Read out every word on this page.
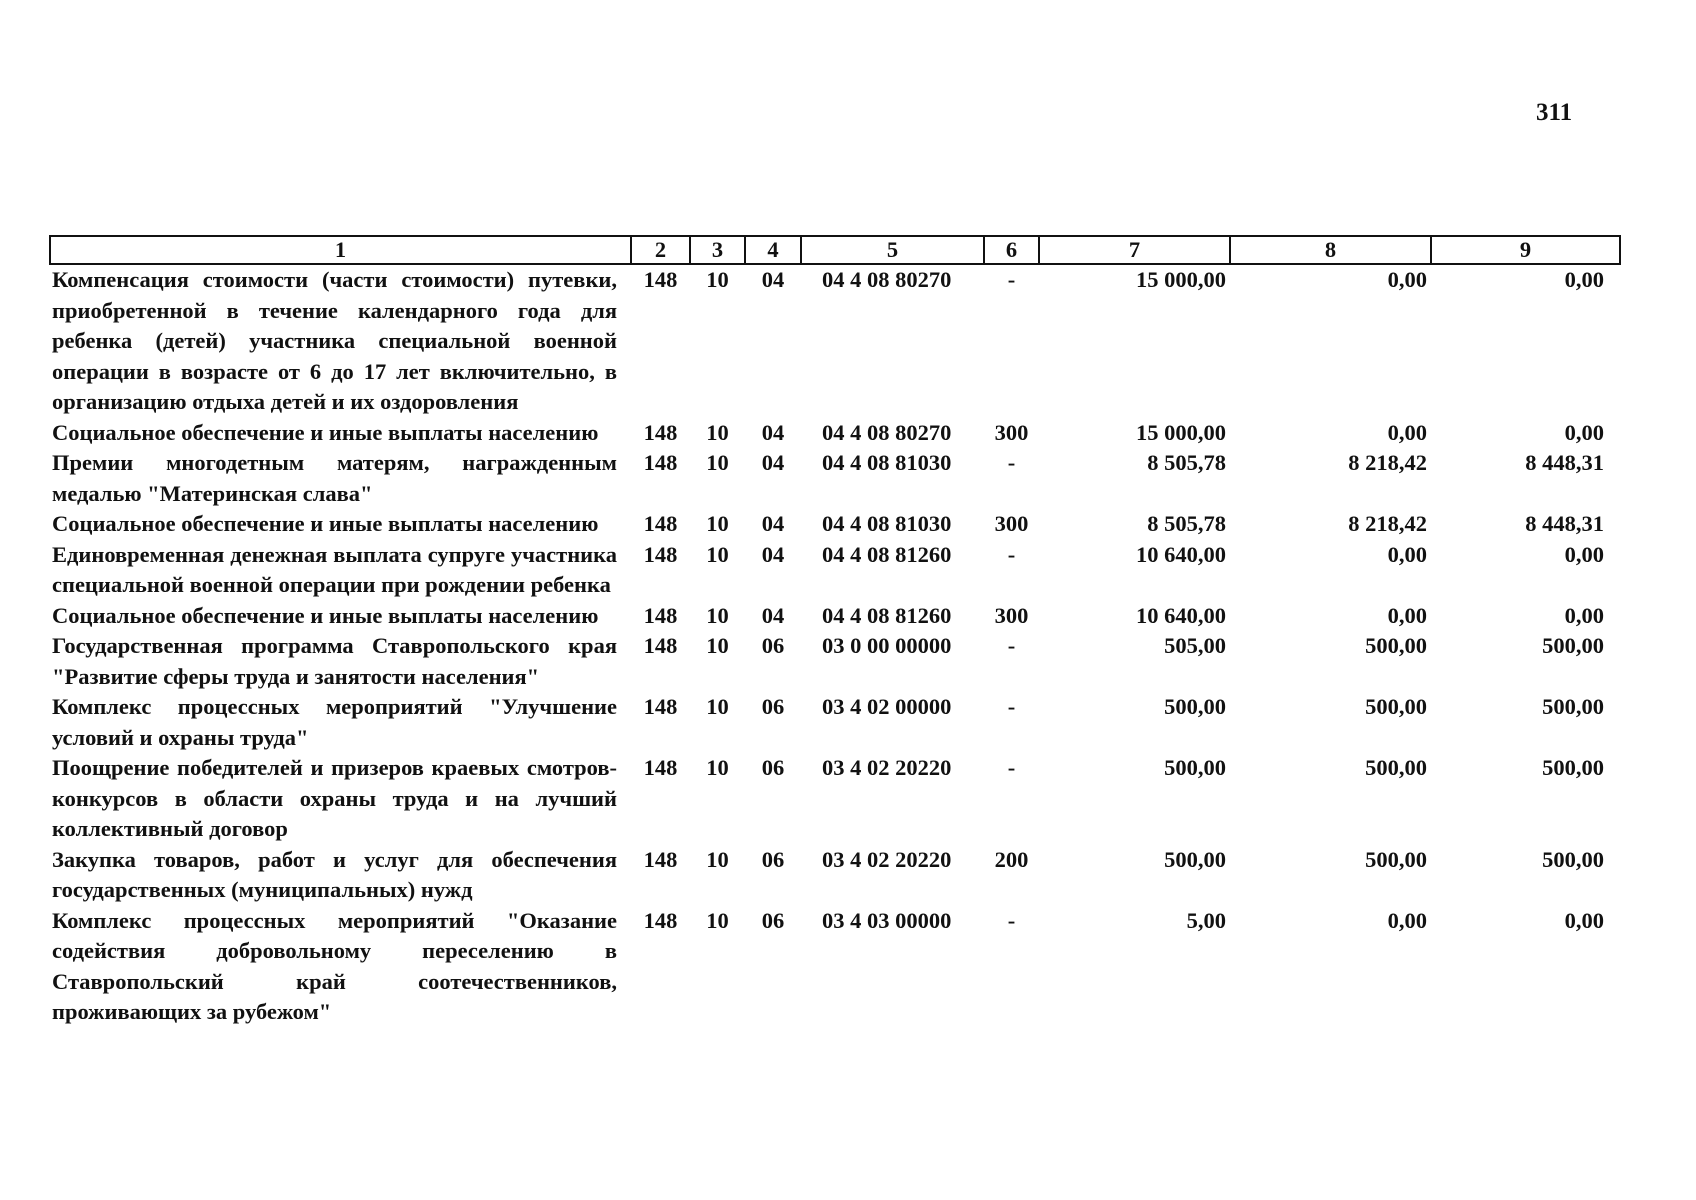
311
1	2	3	4	5	6	7	8	9
Компенсация стоимости (части стоимости) путевки, приобретенной в течение календарного года для ребенка (детей) участника специальной военной операции в возрасте от 6 до 17 лет включительно, в организацию отдыха детей и их оздоровления	148	10	04	04 4 08 80270	-	15 000,00	0,00	0,00
Социальное обеспечение и иные выплаты населению	148	10	04	04 4 08 80270	300	15 000,00	0,00	0,00
Премии многодетным матерям, награжденным медалью "Материнская слава"	148	10	04	04 4 08 81030	-	8 505,78	8 218,42	8 448,31
Социальное обеспечение и иные выплаты населению	148	10	04	04 4 08 81030	300	8 505,78	8 218,42	8 448,31
Единовременная денежная выплата супруге участника специальной военной операции при рождении ребенка	148	10	04	04 4 08 81260	-	10 640,00	0,00	0,00
Социальное обеспечение и иные выплаты населению	148	10	04	04 4 08 81260	300	10 640,00	0,00	0,00
Государственная программа Ставропольского края "Развитие сферы труда и занятости населения"	148	10	06	03 0 00 00000	-	505,00	500,00	500,00
Комплекс процессных мероприятий "Улучшение условий и охраны труда"	148	10	06	03 4 02 00000	-	500,00	500,00	500,00
Поощрение победителей и призеров краевых смотров-конкурсов в области охраны труда и на лучший коллективный договор	148	10	06	03 4 02 20220	-	500,00	500,00	500,00
Закупка товаров, работ и услуг для обеспечения государственных (муниципальных) нужд	148	10	06	03 4 02 20220	200	500,00	500,00	500,00
Комплекс процессных мероприятий "Оказание содействия добровольному переселению в Ставропольский край соотечественников, проживающих за рубежом"	148	10	06	03 4 03 00000	-	5,00	0,00	0,00
